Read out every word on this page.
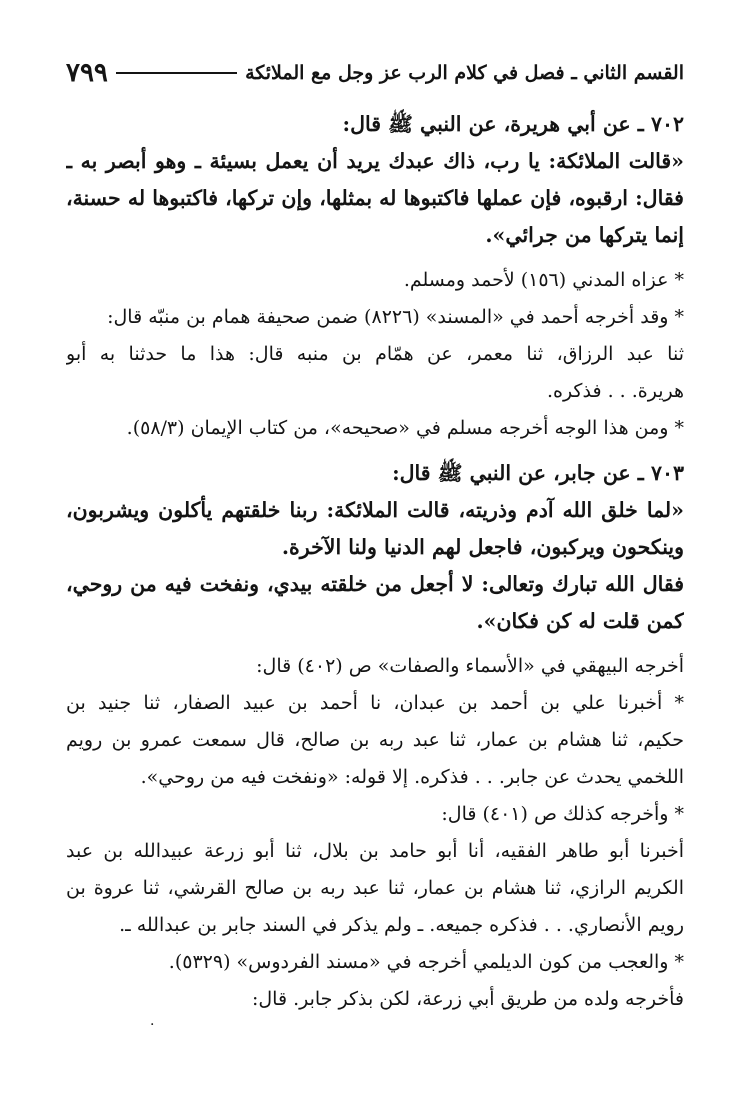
القسم الثاني ـ فصل في كلام الرب عز وجل مع الملائكة
٧٩٩
٧٠٢ ـ عن أبي هريرة، عن النبي ﷺ قال:
«قالت الملائكة: يا رب، ذاك عبدك يريد أن يعمل بسيئة ـ وهو أبصر به ـ
فقال: ارقبوه، فإن عملها فاكتبوها له بمثلها، وإن تركها، فاكتبوها له حسنة،
إنما يتركها من جرائي».
* عزاه المدني (١٥٦) لأحمد ومسلم.
* وقد أخرجه أحمد في «المسند» (٨٢٢٦) ضمن صحيفة همام بن منبّه قال:
ثنا عبد الرزاق، ثنا معمر، عن همّام بن منبه قال: هذا ما حدثنا به أبو
هريرة. . . فذكره.
* ومن هذا الوجه أخرجه مسلم في «صحيحه»، من كتاب الإيمان (٥٨/٣).
٧٠٣ ـ عن جابر، عن النبي ﷺ قال:
«لما خلق الله آدم وذريته، قالت الملائكة: ربنا خلقتهم يأكلون ويشربون،
وينكحون ويركبون، فاجعل لهم الدنيا ولنا الآخرة.
فقال الله تبارك وتعالى: لا أجعل من خلقته بيدي، ونفخت فيه من روحي،
كمن قلت له كن فكان».
أخرجه البيهقي في «الأسماء والصفات» ص (٤٠٢) قال:
* أخبرنا علي بن أحمد بن عبدان، نا أحمد بن عبيد الصفار، ثنا جنيد بن
حكيم، ثنا هشام بن عمار، ثنا عبد ربه بن صالح، قال سمعت عمرو بن رويم
اللخمي يحدث عن جابر. . . فذكره. إلا قوله: «ونفخت فيه من روحي».
* وأخرجه كذلك ص (٤٠١) قال:
أخبرنا أبو طاهر الفقيه، أنا أبو حامد بن بلال، ثنا أبو زرعة عبيدالله بن عبد
الكريم الرازي، ثنا هشام بن عمار، ثنا عبد ربه بن صالح القرشي، ثنا عروة بن
رويم الأنصاري. . . فذكره جميعه. ـ ولم يذكر في السند جابر بن عبدالله ـ.
* والعجب من كون الديلمي أخرجه في «مسند الفردوس» (٥٣٢٩).
فأخرجه ولده من طريق أبي زرعة، لكن بذكر جابر. قال:
·
